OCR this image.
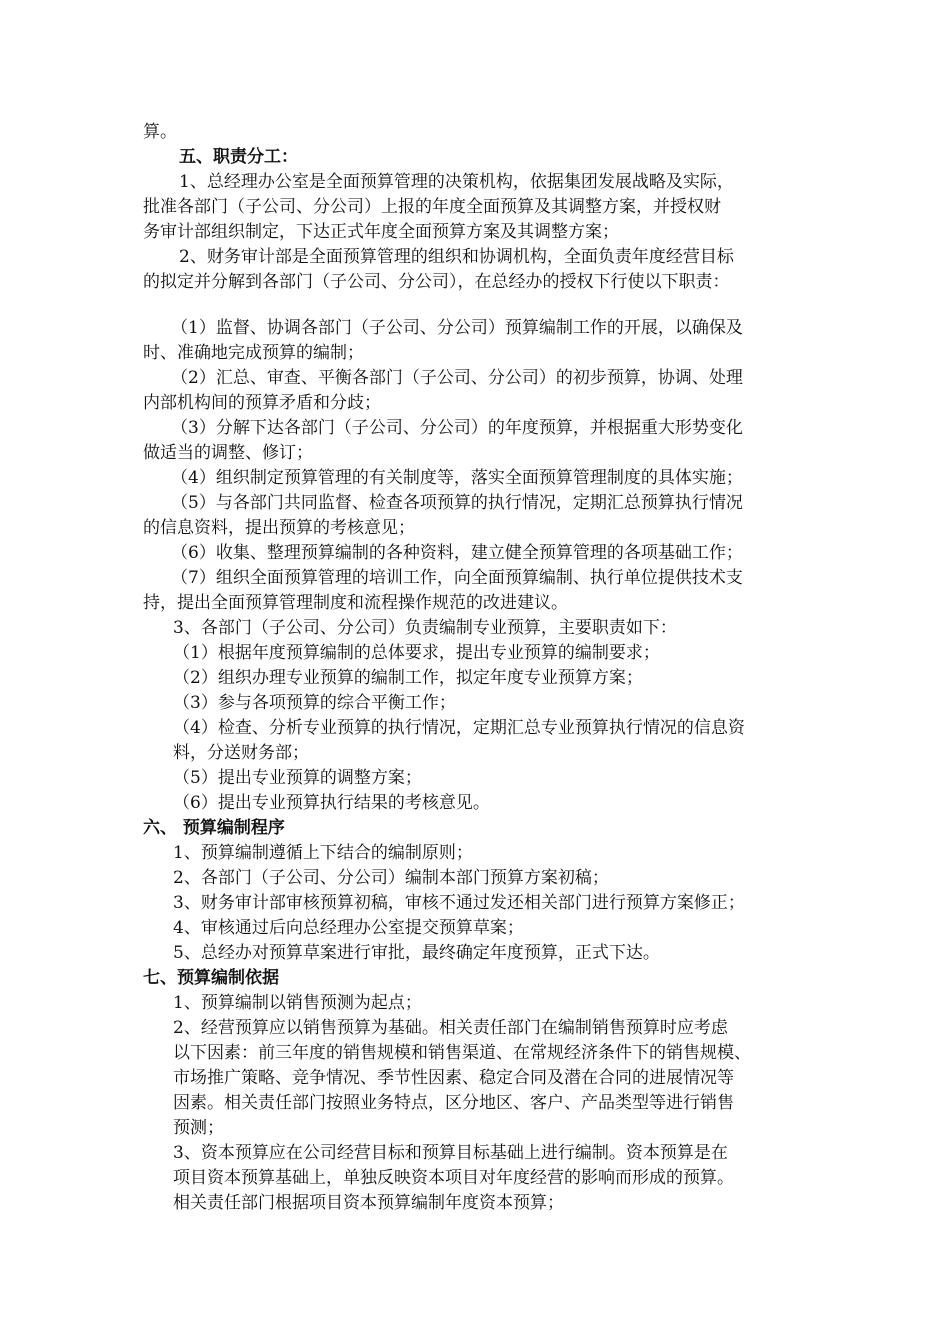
算。
五、职责分工：
1、总经理办公室是全面预算管理的决策机构，依据集团发展战略及实际，
批准各部门（子公司、分公司）上报的年度全面预算及其调整方案，并授权财
务审计部组织制定，下达正式年度全面预算方案及其调整方案；
2、财务审计部是全面预算管理的组织和协调机构，全面负责年度经营目标
的拟定并分解到各部门（子公司、分公司），在总经办的授权下行使以下职责：
（1）监督、协调各部门（子公司、分公司）预算编制工作的开展，以确保及
时、准确地完成预算的编制；
（2）汇总、审查、平衡各部门（子公司、分公司）的初步预算，协调、处理
内部机构间的预算矛盾和分歧；
（3）分解下达各部门（子公司、分公司）的年度预算，并根据重大形势变化
做适当的调整、修订；
（4）组织制定预算管理的有关制度等，落实全面预算管理制度的具体实施；
（5）与各部门共同监督、检查各项预算的执行情况，定期汇总预算执行情况
的信息资料，提出预算的考核意见；
（6）收集、整理预算编制的各种资料，建立健全预算管理的各项基础工作；
（7）组织全面预算管理的培训工作，向全面预算编制、执行单位提供技术支
持，提出全面预算管理制度和流程操作规范的改进建议。
3、各部门（子公司、分公司）负责编制专业预算，主要职责如下：
（1）根据年度预算编制的总体要求，提出专业预算的编制要求；
（2）组织办理专业预算的编制工作，拟定年度专业预算方案；
（3）参与各项预算的综合平衡工作；
（4）检查、分析专业预算的执行情况，定期汇总专业预算执行情况的信息资
料，分送财务部；
（5）提出专业预算的调整方案；
（6）提出专业预算执行结果的考核意见。
六、 预算编制程序
1、预算编制遵循上下结合的编制原则；
2、各部门（子公司、分公司）编制本部门预算方案初稿；
3、财务审计部审核预算初稿，审核不通过发还相关部门进行预算方案修正；
4、审核通过后向总经理办公室提交预算草案；
5、总经办对预算草案进行审批，最终确定年度预算，正式下达。
七、预算编制依据
1、预算编制以销售预测为起点；
2、经营预算应以销售预算为基础。相关责任部门在编制销售预算时应考虑
以下因素：前三年度的销售规模和销售渠道、在常规经济条件下的销售规模、
市场推广策略、竞争情况、季节性因素、稳定合同及潜在合同的进展情况等
因素。相关责任部门按照业务特点，区分地区、客户、产品类型等进行销售
预测；
3、资本预算应在公司经营目标和预算目标基础上进行编制。资本预算是在
项目资本预算基础上，单独反映资本项目对年度经营的影响而形成的预算。
相关责任部门根据项目资本预算编制年度资本预算；
